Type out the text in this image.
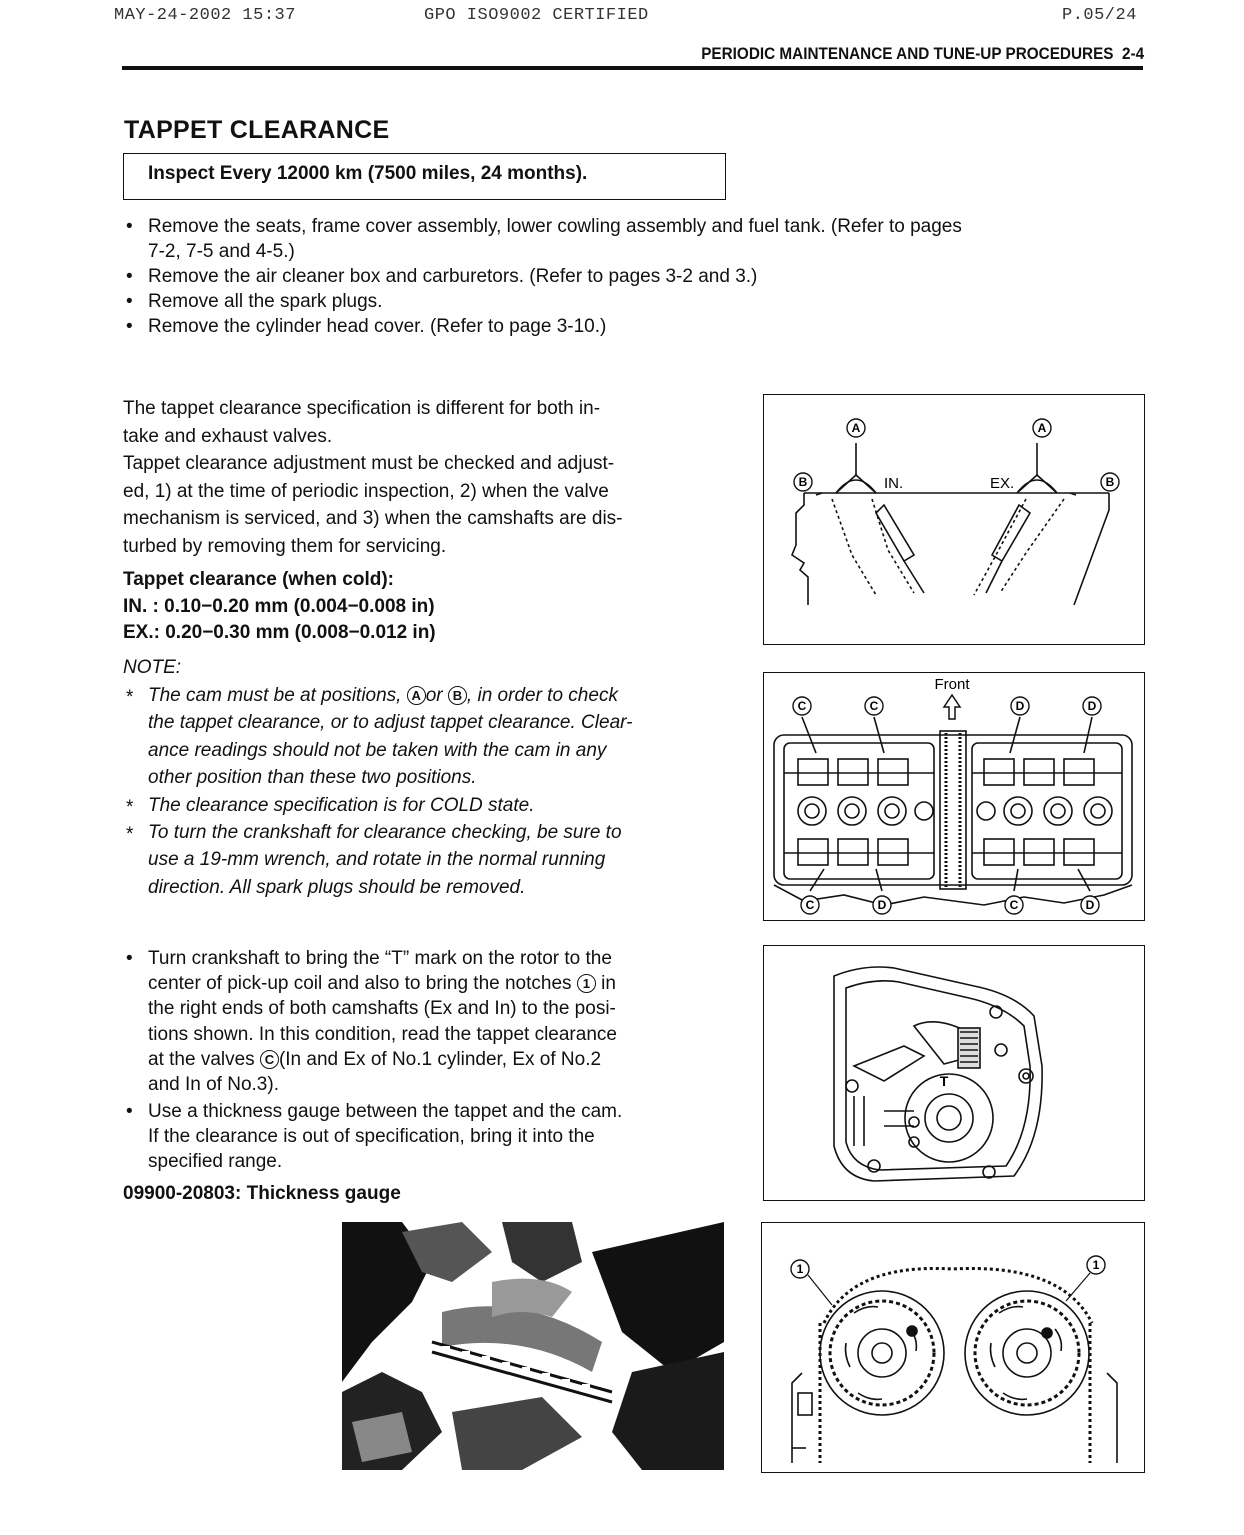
MAY-24-2002 15:37	GPO ISO9002 CERTIFIED	P.05/24
PERIODIC MAINTENANCE AND TUNE-UP PROCEDURES  2-4
TAPPET CLEARANCE
Inspect Every 12000 km (7500 miles, 24 months).
• Remove the seats, frame cover assembly, lower cowling assembly and fuel tank. (Refer to pages
7-2, 7-5 and 4-5.)
• Remove the air cleaner box and carburetors. (Refer to pages 3-2 and 3.)
• Remove all the spark plugs.
• Remove the cylinder head cover. (Refer to page 3-10.)
The tappet clearance specification is different for both in-
take and exhaust valves.
Tappet clearance adjustment must be checked and adjust-
ed, 1) at the time of periodic inspection, 2) when the valve
mechanism is serviced, and 3) when the camshafts are dis-
turbed by removing them for servicing.
Tappet clearance (when cold):
IN. : 0.10−0.20 mm (0.004−0.008 in)
EX.: 0.20−0.30 mm (0.008−0.012 in)
NOTE:
* The cam must be at positions, A or B , in order to check
the tappet clearance, or to adjust tappet clearance. Clear-
ance readings should not be taken with the cam in any
other position than these two positions.
* The clearance specification is for COLD state.
* To turn the crankshaft for clearance checking, be sure to
use a 19-mm wrench, and rotate in the normal running
direction. All spark plugs should be removed.
• Turn crankshaft to bring the “T” mark on the rotor to the
center of pick-up coil and also to bring the notches 1 in
the right ends of both camshafts (Ex and In) to the posi-
tions shown. In this condition, read the tappet clearance
at the valves C (In and Ex of No.1 cylinder, Ex of No.2
and In of No.3).
• Use a thickness gauge between the tappet and the cam.
If the clearance is out of specification, bring it into the
specified range.
09900-20803: Thickness gauge
A	A
B	B
IN.	EX.
Front
C	C	D	D
C	D	C	D
T
1	1
